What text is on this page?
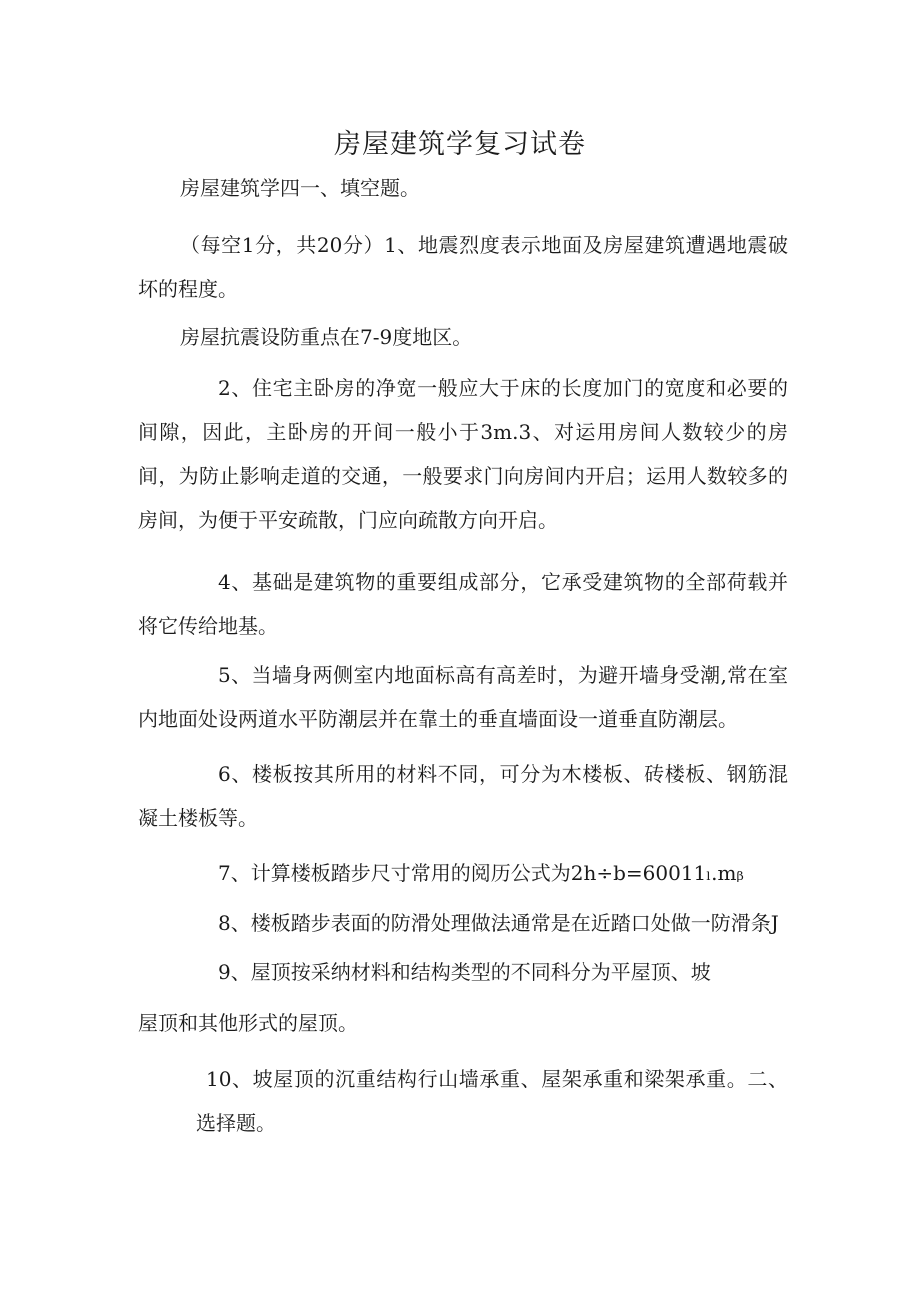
房屋建筑学复习试卷

房屋建筑学四一、填空题。

（每空1分，共20分）1、地震烈度表示地面及房屋建筑遭遇地震破坏的程度。

房屋抗震设防重点在7-9度地区。

2、住宅主卧房的净宽一般应大于床的长度加门的宽度和必要的间隙，因此，主卧房的开间一般小于3m.3、对运用房间人数较少的房间，为防止影响走道的交通，一般要求门向房间内开启；运用人数较多的房间，为便于平安疏散，门应向疏散方向开启。

4、基础是建筑物的重要组成部分，它承受建筑物的全部荷载并将它传给地基。

5、当墙身两侧室内地面标高有高差时，为避开墙身受潮,常在室内地面处设两道水平防潮层并在靠土的垂直墙面设一道垂直防潮层。

6、楼板按其所用的材料不同，可分为木楼板、砖楼板、钢筋混凝土楼板等。

7、计算楼板踏步尺寸常用的阅历公式为2h÷b=60011ₗ.mᵦ

8、楼板踏步表面的防滑处理做法通常是在近踏口处做一防滑条J

9、屋顶按采纳材料和结构类型的不同科分为平屋顶、坡

屋顶和其他形式的屋顶。

10、坡屋顶的沉重结构行山墙承重、屋架承重和梁架承重。二、选择题。
